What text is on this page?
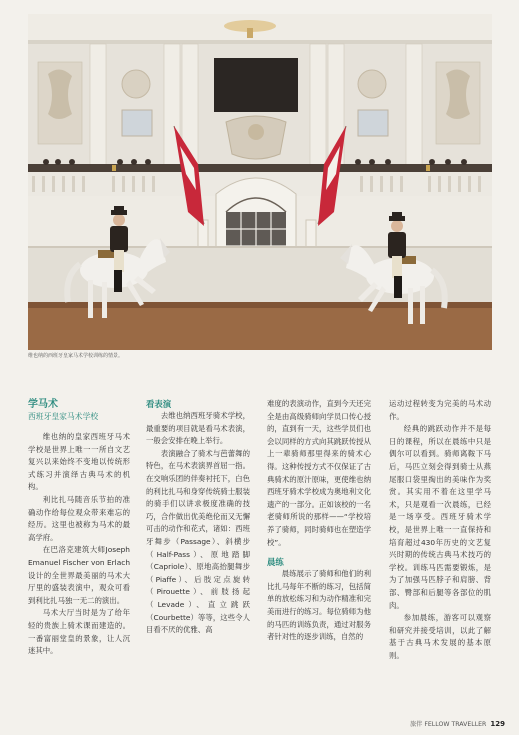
维也纳的西班牙皇家马术学校训练的情景。
学马术
西班牙皇家马术学校

维也纳的皇家西班牙马术学校是世界上唯一一所自文艺复兴以来始终不变地以传统形式练习并演绎古典马术的机构。

利比扎马随音乐节拍的准确动作给每位观众带来难忘的经历。这里也被称为马术的最高学府。

在巴洛克建筑大师Joseph Emanuel Fischer von Erlach设计的全世界最美丽的马术大厅里的盛装表演中，观众可看到利比扎马独一无二的演出。

马术大厅当时是为了给年轻的贵族上骑术课而建造的。一番富丽堂皇的景象，让人沉迷其中。

看表演

去维也纳西班牙骑术学校，最重要的项目就是看马术表演，一般会安排在晚上举行。

表演融合了骑术与芭蕾舞的特色，在马术表演界首屈一指。在交响乐团的伴奏衬托下，白色的利比扎马和身穿传统骑士服装的骑手们以讲求极度准确的技巧，合作做出优美绝伦而又无懈可击的动作和花式，诸如：西班牙舞步（Passage）、斜横步（Half-Pass）、原地踏脚（Capriole）、原地高抬腿舞步（Piaffe）、后肢定点旋转（Pirouette）、前肢扬起（Levade）、直立跳跃（Courbette）等等，这些令人目看不厌的优雅、高

难度的表演动作，直到今天还完全是由高级骑师向学员口传心授的，直到有一天，这些学员们也会以同样的方式向其跳跃传授从上一辈骑师那里得来的骑术心得。这种传授方式不仅保证了古典骑术的原汁原味，更使维也纳西班牙骑术学校成为奥地利文化遗产的一部分。正如该校的一名老骑师所说的那样——“学校培养了骑师，同时骑师也在塑造学校”。

晨练

晨练展示了骑师和他们的利比扎马每年不断的练习，包括简单的放松练习和为动作精准和完美而进行的练习。每位骑师为他的马匹的训练负责，通过对服务者针对性的逐步训练，自然的

运动过程转变为完美的马术动作。

经典的跳跃动作并不是每日的课程，所以在晨练中只是偶尔可以看到。骑师离鞍下马后，马匹立刻会得到骑士从燕尾服口袋里掏出的美味作为奖赏。其实用不着在这里学马术，只是观看一次晨练，已经是一场享受。西班牙骑术学校，是世界上唯一一直保持和培育超过430年历史的文艺复兴时期的传统古典马术技巧的学校。训练马匹需要锻炼，是为了加强马匹脖子和肩膀、背部、臀部和后腿等各部位的肌肉。

参加晨练，游客可以观察和研究并接受培训，以此了解基于古典马术发展的基本原则。

旅伴 FELLOW TRAVELLER 129
